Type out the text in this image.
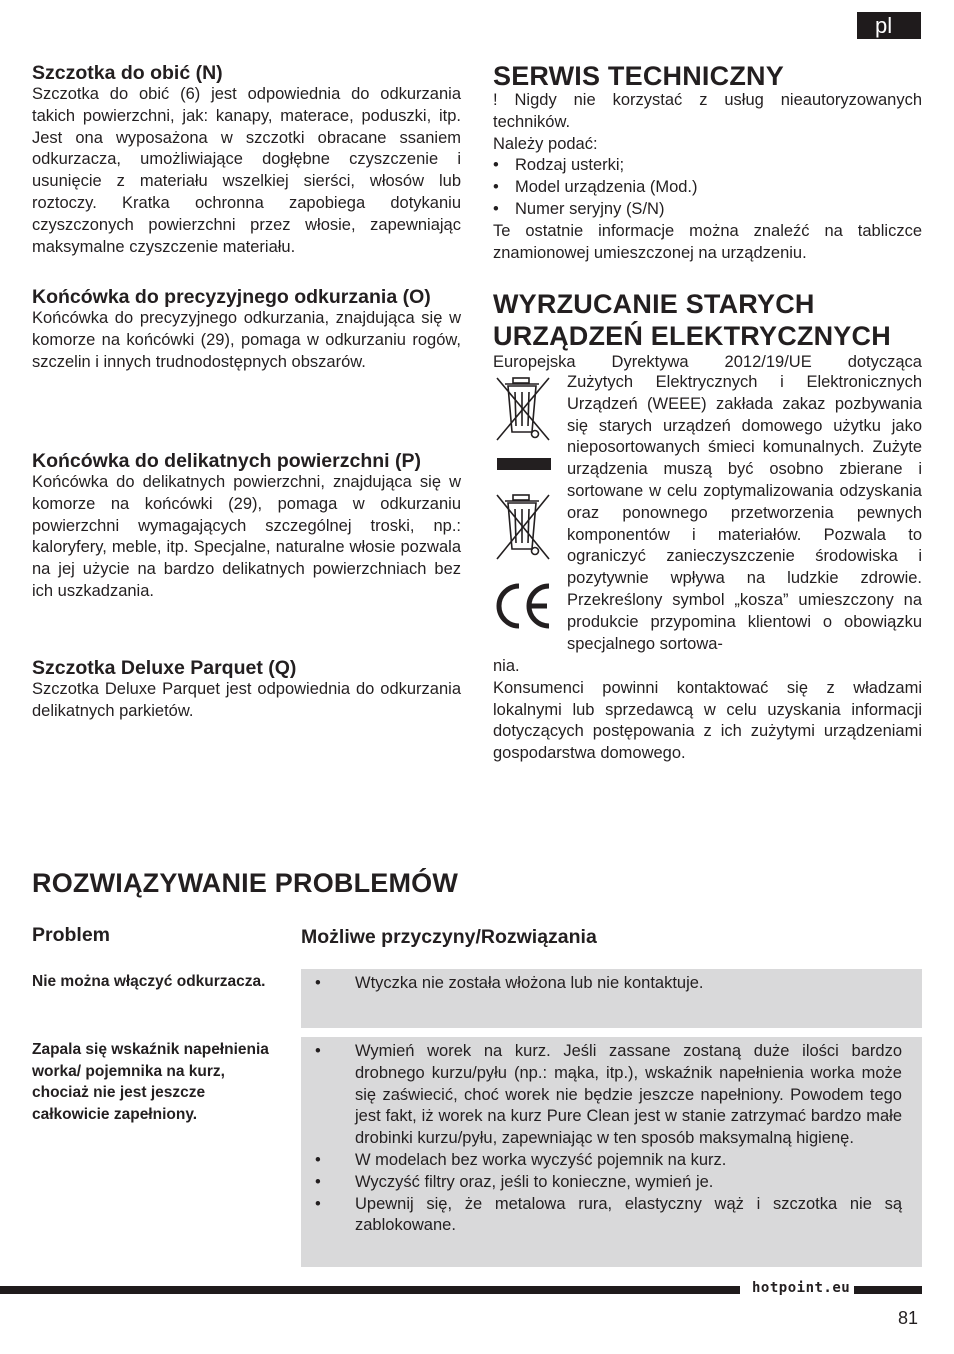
pl
Szczotka do obić (N)

Szczotka do obić (6) jest odpowiednia do odkurzania takich powierzchni, jak: kanapy, materace, poduszki, itp. Jest ona wyposażona w szczotki obracane ssaniem odkurzacza, umożliwiające dogłębne czyszczenie i usunięcie z materiału wszelkiej sierści, włosów lub roztoczy. Kratka ochronna zapobiega dotykaniu czyszczonych powierzchni przez włosie, zapewniając maksymalne czyszczenie materiału.

Końcówka do precyzyjnego odkurzania (O)

Końcówka do precyzyjnego odkurzania, znajdująca się w komorze na końcówki (29), pomaga w odkurzaniu rogów, szczelin i innych trudnodostępnych obszarów.

Końcówka do delikatnych powierzchni (P)

Końcówka do delikatnych powierzchni, znajdująca się w komorze na końcówki (29), pomaga w odkurzaniu powierzchni wymagających szczególnej troski, np.: kaloryfery, meble, itp. Specjalne, naturalne włosie pozwala na jej użycie na bardzo delikatnych powierzchniach bez ich uszkadzania.

Szczotka Deluxe Parquet (Q)

Szczotka Deluxe Parquet jest odpowiednia do odkurzania delikatnych parkietów.

SERWIS TECHNICZNY

! Nigdy nie korzystać z usług nieautoryzowanych techników.

Należy podać:

• Rodzaj usterki;
• Model urządzenia (Mod.)
• Numer seryjny (S/N)

Te ostatnie informacje można znaleźć na tabliczce znamionowej umieszczonej na urządzeniu.

WYRZUCANIE STARYCH
URZĄDZEŃ ELEKTRYCZNYCH

Europejska Dyrektywa 2012/19/UE dotycząca

Zużytych Elektrycznych i Elektronicznych Urządzeń (WEEE) zakłada zakaz pozbywania się starych urządzeń domowego użytku jako nieposortowanych śmieci komunalnych. Zużyte urządzenia muszą być osobno zbierane i sortowane w celu zoptymalizowania odzyskania oraz ponownego przetworzenia pewnych komponentów i materiałów. Pozwala to ograniczyć zanieczyszczenie środowiska i pozytywnie wpływa na ludzkie zdrowie. Przekreślony symbol „kosza” umieszczony na produkcie przypomina klientowi o obowiązku specjalnego sortowa-

nia.

Konsumenci powinni kontaktować się z władzami lokalnymi lub sprzedawcą w celu uzyskania informacji dotyczących postępowania z ich zużytymi urządzeniami gospodarstwa domowego.

ROZWIĄZYWANIE PROBLEMÓW
Problem	Możliwe przyczyny/Rozwiązania
Nie można włączyć odkurzacza.
•	Wtyczka nie została włożona lub nie kontaktuje.
Zapala się wskaźnik napełnienia worka/ pojemnika na kurz, chociaż nie jest jeszcze całkowicie zapełniony.
• Wymień worek na kurz. Jeśli zassane zostaną duże ilości bardzo drobnego kurzu/pyłu (np.: mąka, itp.), wskaźnik napełnienia worka może się zaświecić, choć worek nie będzie jeszcze napełniony. Powodem tego jest fakt, iż worek na kurz Pure Clean jest w stanie zatrzymać bardzo małe drobinki kurzu/pyłu, zapewniając w ten sposób maksymalną higienę.
• W modelach bez worka wyczyść pojemnik na kurz.
• Wyczyść filtry oraz, jeśli to konieczne, wymień je.
• Upewnij się, że metalowa rura, elastyczny wąż i szczotka nie są zablokowane.
hotpoint.eu
81
